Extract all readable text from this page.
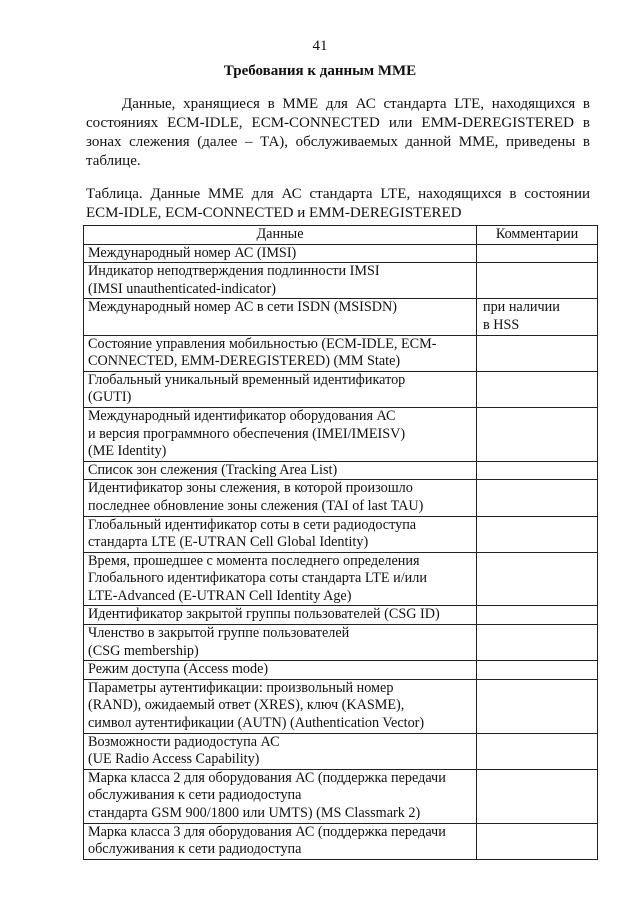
41
Требования к данным MME

Данные, хранящиеся в MME для АС стандарта LTE, находящихся в состояниях ECM-IDLE, ECM-CONNECTED или EMM-DEREGISTERED в зонах слежения (далее – ТА), обслуживаемых данной MME, приведены в таблице.

Таблица. Данные MME для АС стандарта LTE, находящихся в состоянии ECM-IDLE, ECM-CONNECTED и EMM-DEREGISTERED

Данные	Комментарии

Международный номер АС (IMSI)	

Индикатор неподтверждения подлинности IMSI
(IMSI unauthenticated-indicator)	

Международный номер АС в сети ISDN (MSISDN)	при наличии
в HSS

Состояние управления мобильностью (ECM-IDLE, ECM-
CONNECTED, EMM-DEREGISTERED) (MM State)	

Глобальный уникальный временный идентификатор
(GUTI)	

Международный идентификатор оборудования АС
и версия программного обеспечения (IMEI/IMEISV)
(ME Identity)	

Список зон слежения (Tracking Area List)	

Идентификатор зоны слежения, в которой произошло
последнее обновление зоны слежения (TAI of last TAU)	

Глобальный идентификатор соты в сети радиодоступа
стандарта LTE (E-UTRAN Cell Global Identity)	

Время, прошедшее с момента последнего определения
Глобального идентификатора соты стандарта LTE и/или
LTE-Advanced (E-UTRAN Cell Identity Age)	

Идентификатор закрытой группы пользователей (CSG ID)	

Членство в закрытой группе пользователей
(CSG membership)	

Режим доступа (Access mode)	

Параметры аутентификации: произвольный номер
(RAND), ожидаемый ответ (XRES), ключ (KASME),
символ аутентификации (AUTN) (Authentication Vector)	

Возможности радиодоступа АС
(UE Radio Access Capability)	

Марка класса 2 для оборудования АС (поддержка передачи
обслуживания к сети радиодоступа
стандарта GSM 900/1800 или UMTS) (MS Classmark 2)	

Марка класса 3 для оборудования АС (поддержка передачи
обслуживания к сети радиодоступа	
